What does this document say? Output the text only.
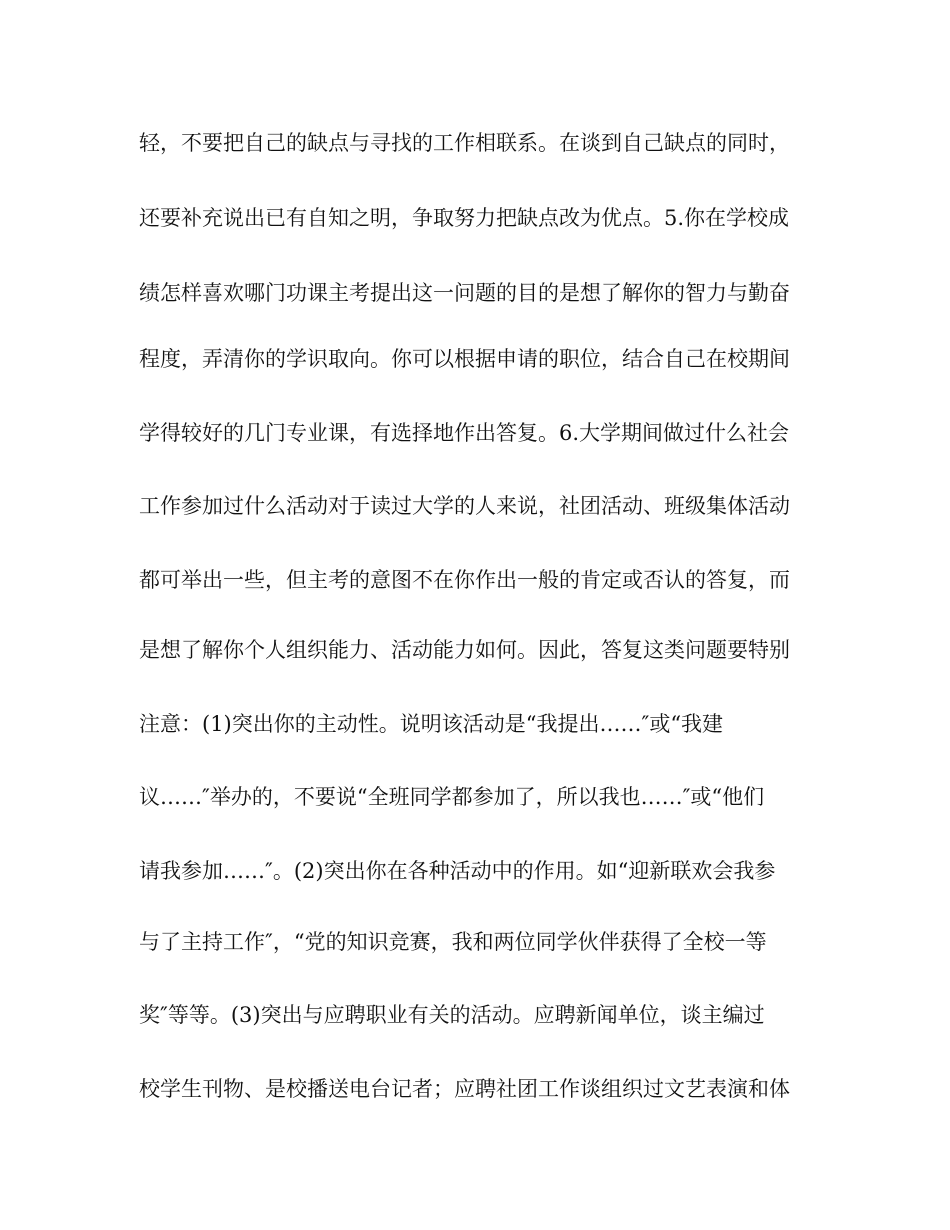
轻，不要把自己的缺点与寻找的工作相联系。在谈到自己缺点的同时，
还要补充说出已有自知之明，争取努力把缺点改为优点。5.你在学校成
绩怎样喜欢哪门功课主考提出这一问题的目的是想了解你的智力与勤奋
程度，弄清你的学识取向。你可以根据申请的职位，结合自己在校期间
学得较好的几门专业课，有选择地作出答复。6.大学期间做过什么社会
工作参加过什么活动对于读过大学的人来说，社团活动、班级集体活动
都可举出一些，但主考的意图不在你作出一般的肯定或否认的答复，而
是想了解你个人组织能力、活动能力如何。因此，答复这类问题要特别
注意：(1)突出你的主动性。说明该活动是“我提出……″或“我建
议……″举办的，不要说“全班同学都参加了，所以我也……″或“他们
请我参加……″。(2)突出你在各种活动中的作用。如“迎新联欢会我参
与了主持工作″，“党的知识竞赛，我和两位同学伙伴获得了全校一等
奖″等等。(3)突出与应聘职业有关的活动。应聘新闻单位，谈主编过
校学生刊物、是校播送电台记者；应聘社团工作谈组织过文艺表演和体
